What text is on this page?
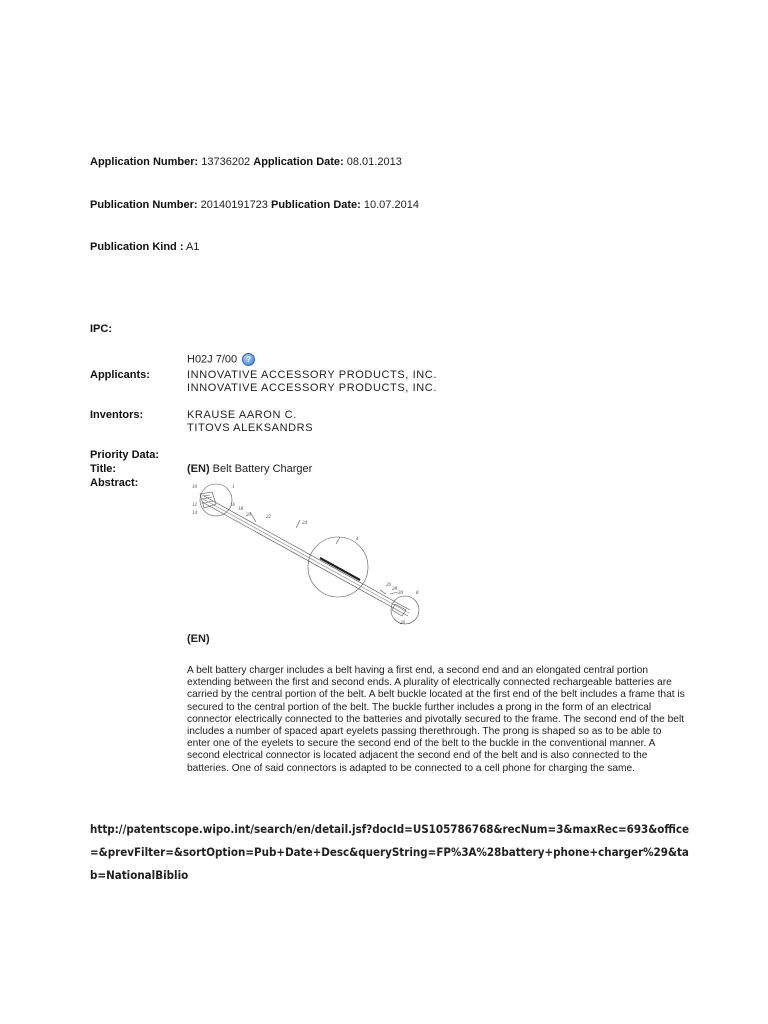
Application Number: 13736202 Application Date: 08.01.2013
Publication Number: 20140191723 Publication Date: 10.07.2014
Publication Kind : A1
IPC:
H02J 7/00 ?
Applicants:	INNOVATIVE ACCESSORY PRODUCTS, INC.
INNOVATIVE ACCESSORY PRODUCTS, INC.
Inventors:	KRAUSE AARON C.
TITOVS ALEKSANDRS
Priority Data:
Title:	(EN) Belt Battery Charger
Abstract:	10
12
14
16
18
20	22
24
26
28
30
1
4
8
20
(EN)
A belt battery charger includes a belt having a first end, a second end and an elongated central portion extending between the first and second ends. A plurality of electrically connected rechargeable batteries are carried by the central portion of the belt. A belt buckle located at the first end of the belt includes a frame that is secured to the central portion of the belt. The buckle further includes a prong in the form of an electrical connector electrically connected to the batteries and pivotally secured to the frame. The second end of the belt includes a number of spaced apart eyelets passing therethrough. The prong is shaped so as to be able to enter one of the eyelets to secure the second end of the belt to the buckle in the conventional manner. A second electrical connector is located adjacent the second end of the belt and is also connected to the batteries. One of said connectors is adapted to be connected to a cell phone for charging the same.
http://patentscope.wipo.int/search/en/detail.jsf?docId=US105786768&recNum=3&maxRec=693&office=&prevFilter=&sortOption=Pub+Date+Desc&queryString=FP%3A%28battery+phone+charger%29&tab=NationalBiblio
